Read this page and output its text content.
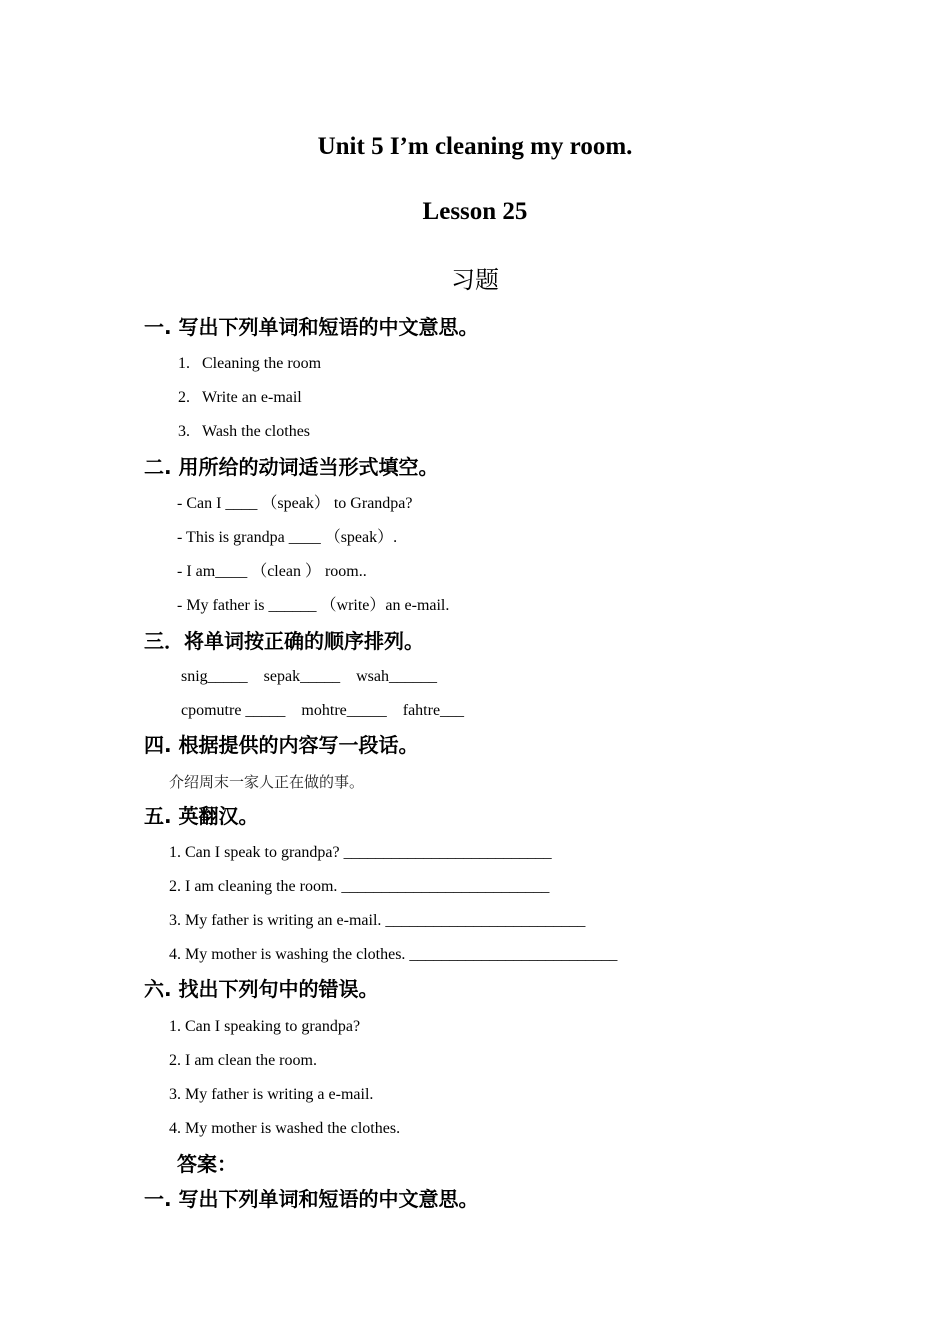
Unit 5 I’m cleaning my room.
Lesson 25
习题
一. 写出下列单词和短语的中文意思。
1. Cleaning the room
2. Write an e-mail
3. Wash the clothes
二. 用所给的动词适当形式填空。
- Can I ____ （speak） to Grandpa?
- This is grandpa ____ （speak）.
- I am____ （clean ） room..
- My father is ______ （write）an e-mail.
三．将单词按正确的顺序排列。
snig_____    sepak_____    wsah______
cpomutre _____    mohtre_____    fahtre___
四. 根据提供的内容写一段话。
介绍周末一家人正在做的事。
五. 英翻汉。
1. Can I speak to grandpa? __________________________
2. I am cleaning the room. __________________________
3. My father is writing an e-mail. _________________________
4. My mother is washing the clothes. __________________________
六. 找出下列句中的错误。
1. Can I speaking to grandpa?
2. I am clean the room.
3. My father is writing a e-mail.
4. My mother is washed the clothes.
答案：
一. 写出下列单词和短语的中文意思。
